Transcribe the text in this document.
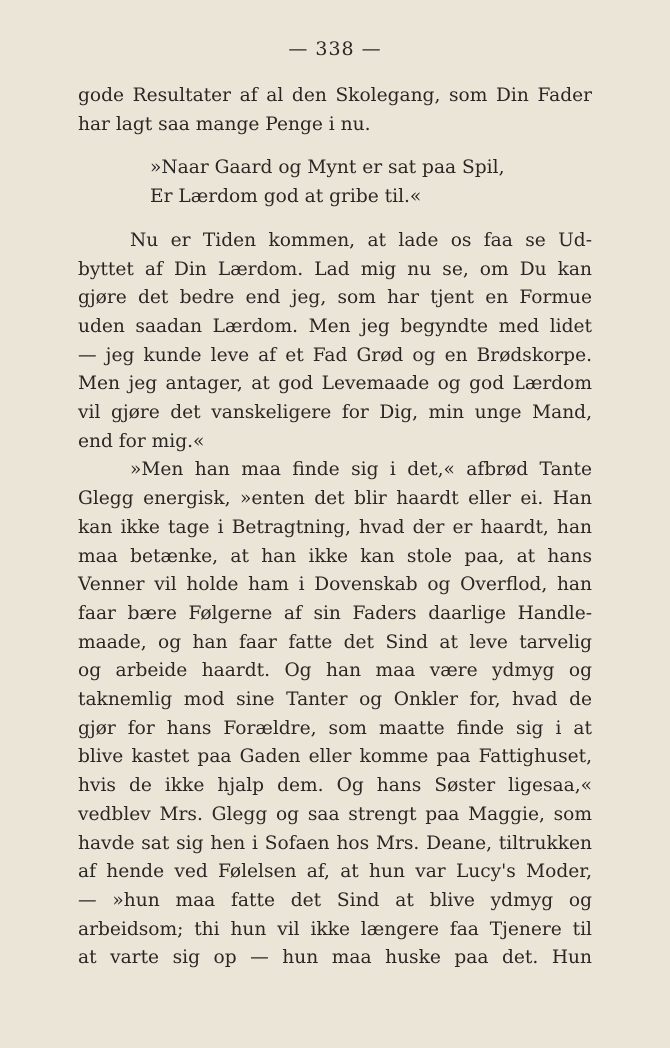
— 338 —
gode Resultater af al den Skolegang, som Din Fader
har lagt saa mange Penge i nu.
»Naar Gaard og Mynt er sat paa Spil,
Er Lærdom god at gribe til.«
Nu er Tiden kommen, at lade os faa se Ud-
byttet af Din Lærdom. Lad mig nu se, om Du kan
gjøre det bedre end jeg, som har tjent en Formue
uden saadan Lærdom. Men jeg begyndte med lidet
— jeg kunde leve af et Fad Grød og en Brødskorpe.
Men jeg antager, at god Levemaade og god Lærdom
vil gjøre det vanskeligere for Dig, min unge Mand,
end for mig.«
»Men han maa finde sig i det,« afbrød Tante
Glegg energisk, »enten det blir haardt eller ei. Han
kan ikke tage i Betragtning, hvad der er haardt, han
maa betænke, at han ikke kan stole paa, at hans
Venner vil holde ham i Dovenskab og Overflod, han
faar bære Følgerne af sin Faders daarlige Handle-
maade, og han faar fatte det Sind at leve tarvelig
og arbeide haardt. Og han maa være ydmyg og
taknemlig mod sine Tanter og Onkler for, hvad de
gjør for hans Forældre, som maatte finde sig i at
blive kastet paa Gaden eller komme paa Fattighuset,
hvis de ikke hjalp dem. Og hans Søster ligesaa,«
vedblev Mrs. Glegg og saa strengt paa Maggie, som
havde sat sig hen i Sofaen hos Mrs. Deane, tiltrukken
af hende ved Følelsen af, at hun var Lucy's Moder,
— »hun maa fatte det Sind at blive ydmyg og
arbeidsom; thi hun vil ikke længere faa Tjenere til
at varte sig op — hun maa huske paa det. Hun
